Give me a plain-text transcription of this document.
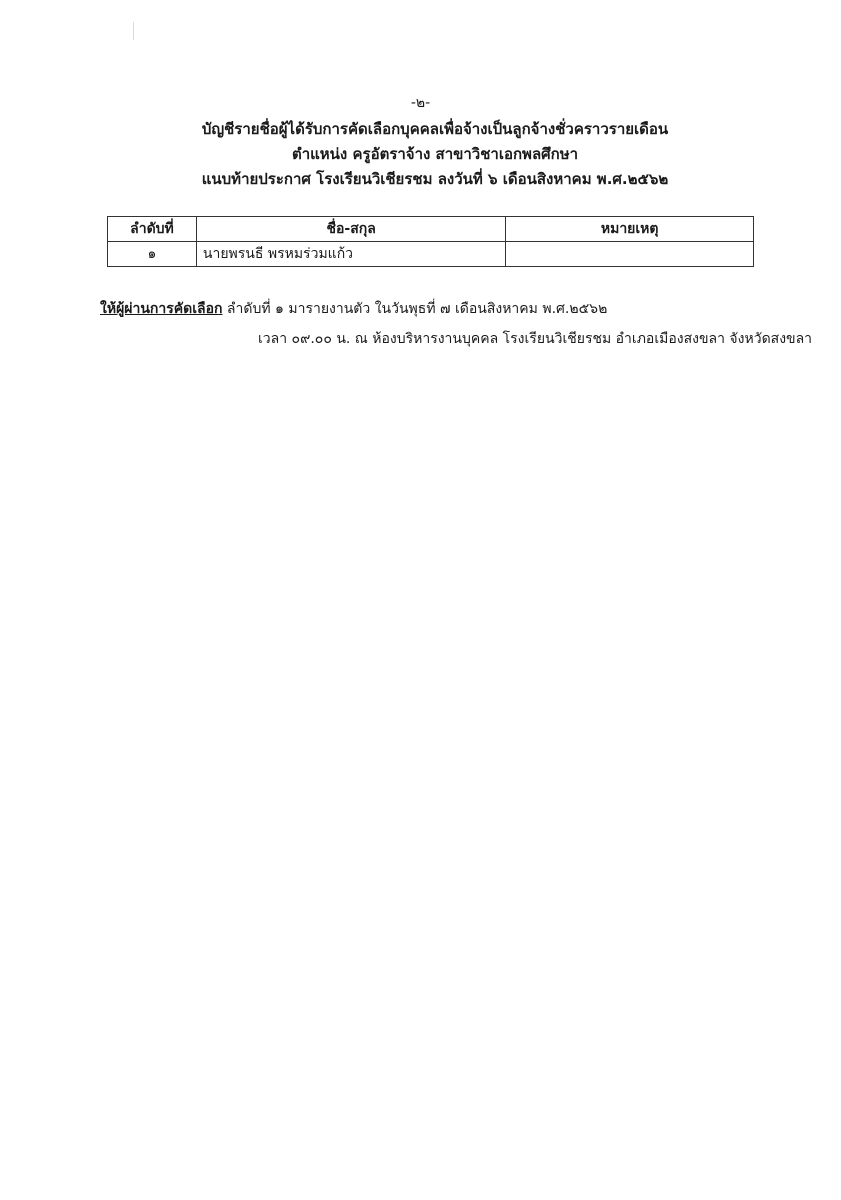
-๒-
บัญชีรายชื่อผู้ได้รับการคัดเลือกบุคคลเพื่อจ้างเป็นลูกจ้างชั่วคราวรายเดือน
ตำแหน่ง ครูอัตราจ้าง สาขาวิชาเอกพลศึกษา
แนบท้ายประกาศ โรงเรียนวิเชียรชม ลงวันที่ ๖ เดือนสิงหาคม พ.ศ.๒๕๖๒
ลำดับที่	ชื่อ-สกุล	หมายเหตุ
๑	นายพรนธี พรหมร่วมแก้ว	
ให้ผู้ผ่านการคัดเลือก ลำดับที่ ๑ มารายงานตัว ในวันพุธที่ ๗ เดือนสิงหาคม พ.ศ.๒๕๖๒
เวลา ๐๙.๐๐ น. ณ ห้องบริหารงานบุคคล โรงเรียนวิเชียรชม อำเภอเมืองสงขลา จังหวัดสงขลา
